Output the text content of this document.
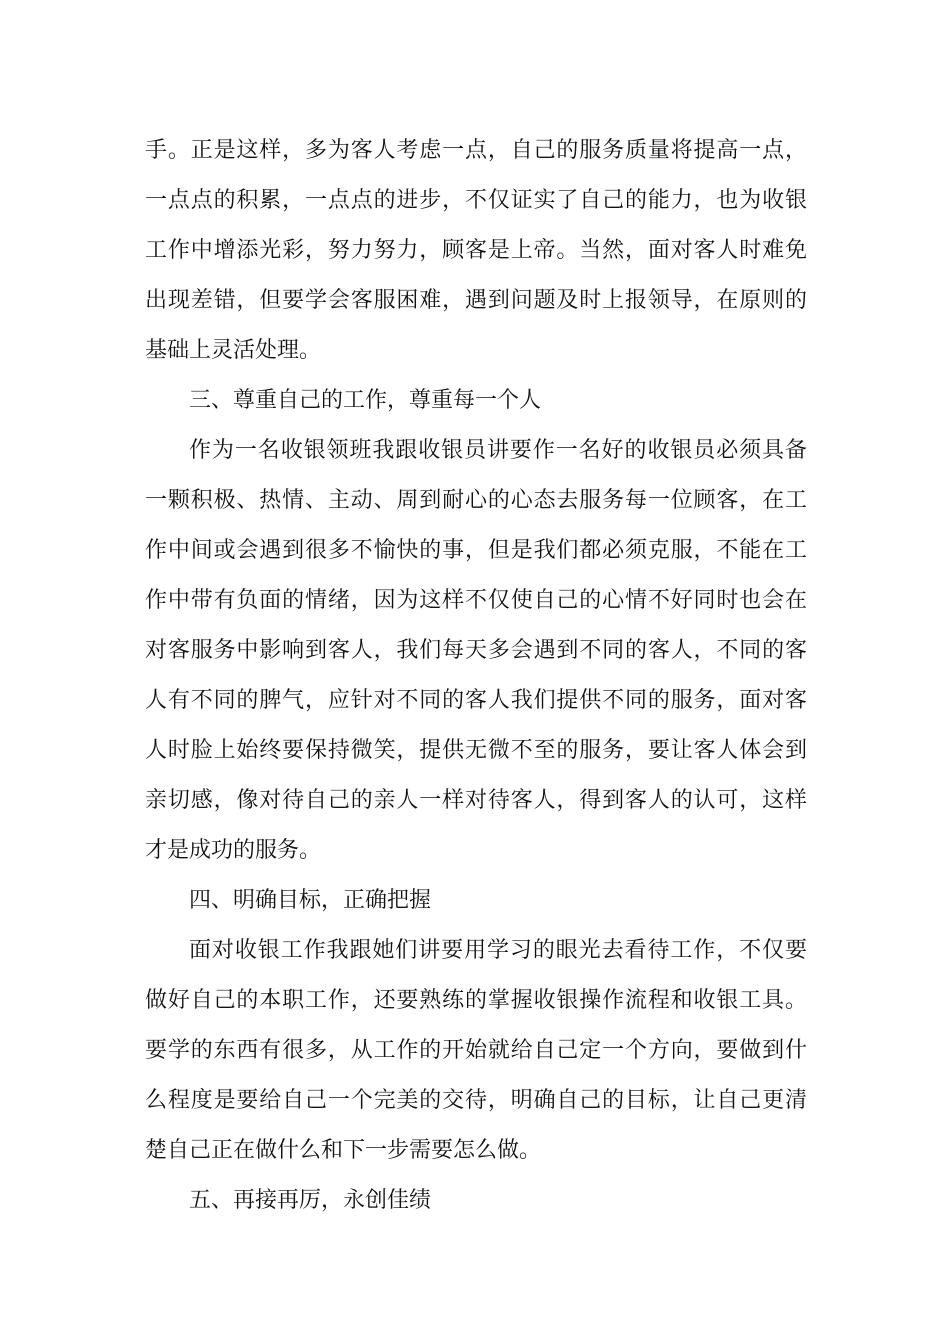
手。正是这样，多为客人考虑一点，自己的服务质量将提高一点，
一点点的积累，一点点的进步，不仅证实了自己的能力，也为收银
工作中增添光彩，努力努力，顾客是上帝。当然，面对客人时难免
出现差错，但要学会客服困难，遇到问题及时上报领导，在原则的
基础上灵活处理。
三、尊重自己的工作，尊重每一个人
作为一名收银领班我跟收银员讲要作一名好的收银员必须具备
一颗积极、热情、主动、周到耐心的心态去服务每一位顾客，在工
作中间或会遇到很多不愉快的事，但是我们都必须克服，不能在工
作中带有负面的情绪，因为这样不仅使自己的心情不好同时也会在
对客服务中影响到客人，我们每天多会遇到不同的客人，不同的客
人有不同的脾气，应针对不同的客人我们提供不同的服务，面对客
人时脸上始终要保持微笑，提供无微不至的服务，要让客人体会到
亲切感，像对待自己的亲人一样对待客人，得到客人的认可，这样
才是成功的服务。
四、明确目标，正确把握
面对收银工作我跟她们讲要用学习的眼光去看待工作，不仅要
做好自己的本职工作，还要熟练的掌握收银操作流程和收银工具。
要学的东西有很多，从工作的开始就给自己定一个方向，要做到什
么程度是要给自己一个完美的交待，明确自己的目标，让自己更清
楚自己正在做什么和下一步需要怎么做。
五、再接再厉，永创佳绩
